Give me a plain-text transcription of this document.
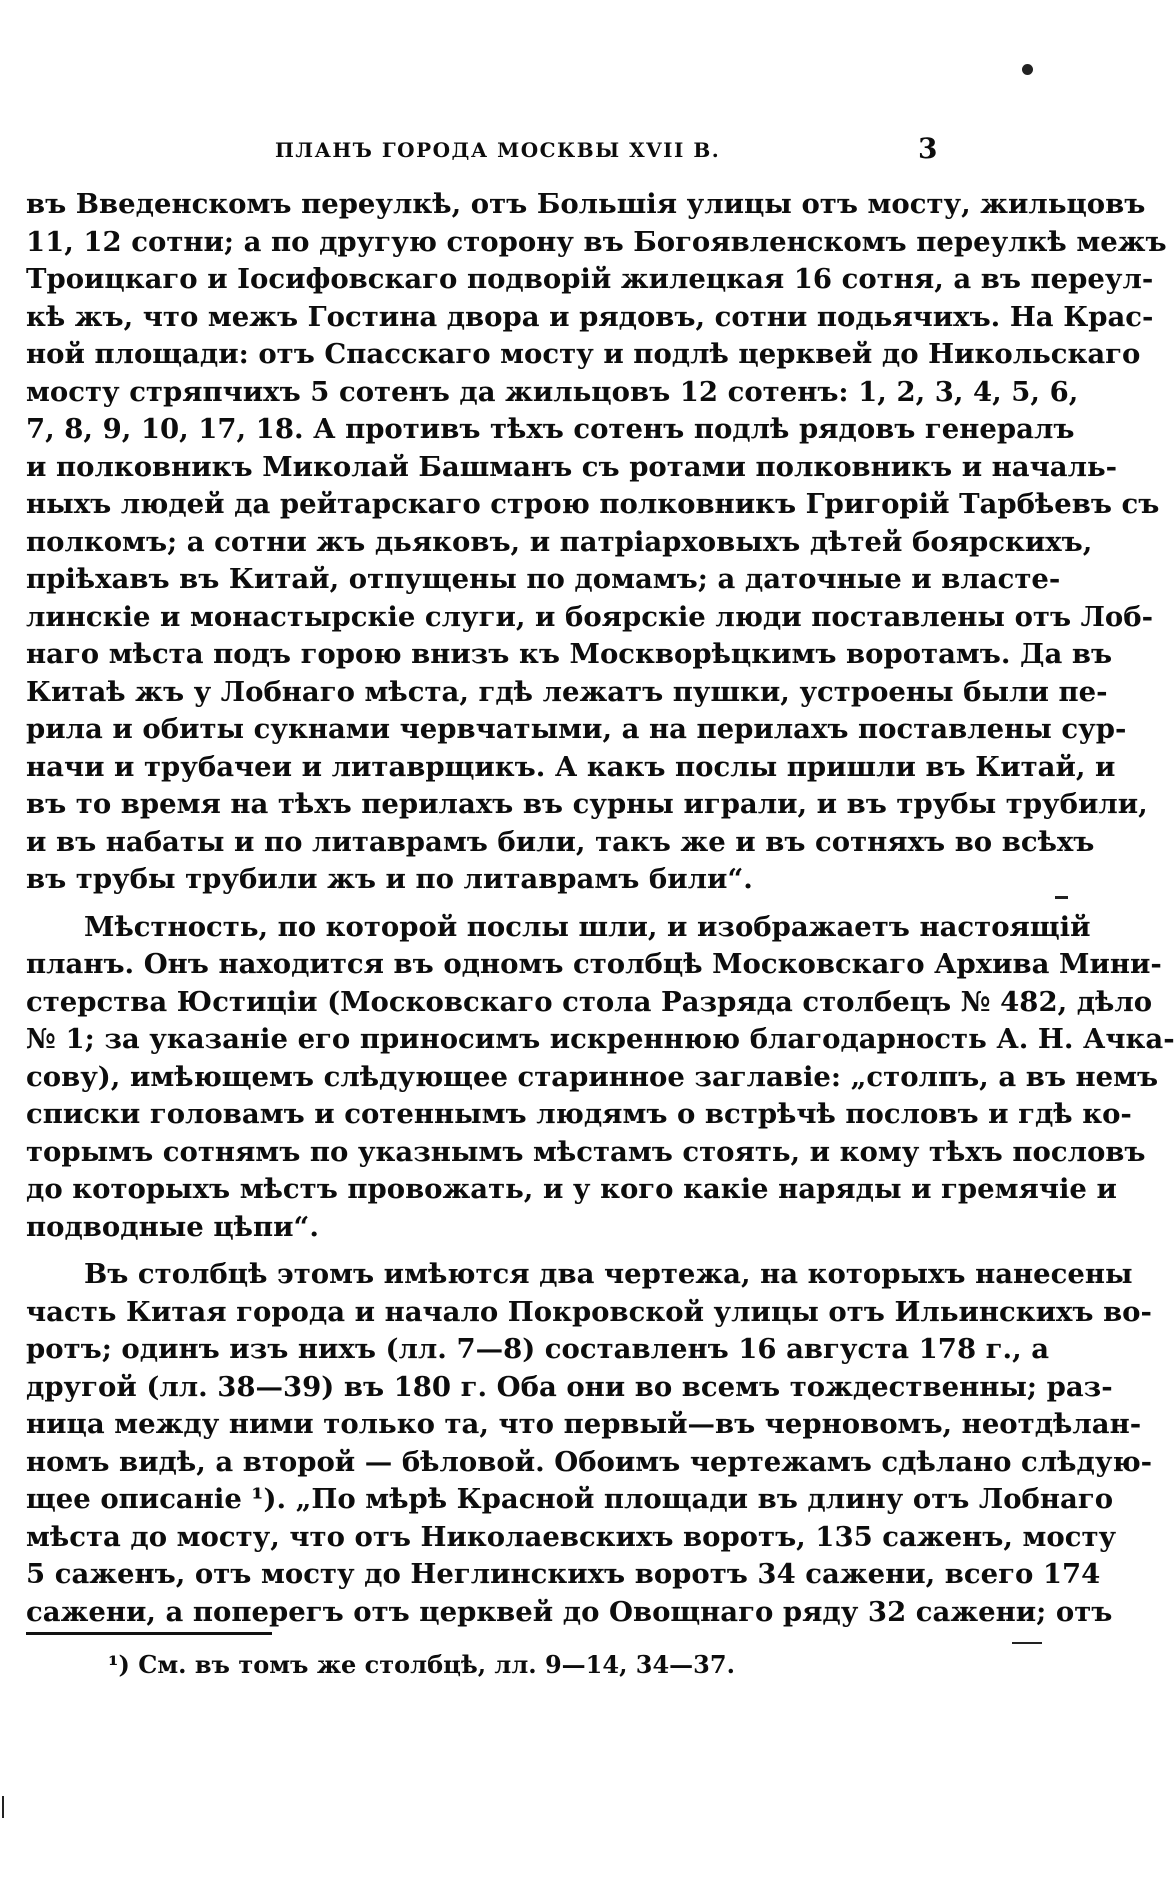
ПЛАНЪ ГОРОДА МОСКВЫ XVII В.	3
въ Введенскомъ переулкѣ, отъ Большія улицы отъ мосту, жильцовъ
11, 12 сотни; а по другую сторону въ Богоявленскомъ переулкѣ межъ
Троицкаго и Іосифовскаго подворій жилецкая 16 сотня, а въ переул-
кѣ жъ, что межъ Гостина двора и рядовъ, сотни подьячихъ. На Крас-
ной площади: отъ Спасскаго мосту и подлѣ церквей до Никольскаго
мосту стряпчихъ 5 сотенъ да жильцовъ 12 сотенъ: 1, 2, 3, 4, 5, 6,
7, 8, 9, 10, 17, 18. А противъ тѣхъ сотенъ подлѣ рядовъ генералъ
и полковникъ Миколай Башманъ съ ротами полковникъ и началь-
ныхъ людей да рейтарскаго строю полковникъ Григорій Тарбѣевъ съ
полкомъ; а сотни жъ дьяковъ, и патріарховыхъ дѣтей боярскихъ,
пріѣхавъ въ Китай, отпущены по домамъ; а даточные и власте-
линскіе и монастырскіе слуги, и боярскіе люди поставлены отъ Лоб-
наго мѣста подъ горою внизъ къ Москворѣцкимъ воротамъ. Да въ
Китаѣ жъ у Лобнаго мѣста, гдѣ лежатъ пушки, устроены были пе-
рила и обиты сукнами червчатыми, а на перилахъ поставлены сур-
начи и трубачеи и литаврщикъ. А какъ послы пришли въ Китай, и
въ то время на тѣхъ перилахъ въ сурны играли, и въ трубы трубили,
и въ набаты и по литаврамъ били, такъ же и въ сотняхъ во всѣхъ
въ трубы трубили жъ и по литаврамъ били“.
Мѣстность, по которой послы шли, и изображаетъ настоящій
планъ. Онъ находится въ одномъ столбцѣ Московскаго Архива Мини-
стерства Юстиціи (Московскаго стола Разряда столбецъ № 482, дѣло
№ 1; за указаніе его приносимъ искреннюю благодарность А. Н. Ачка-
сову), имѣющемъ слѣдующее старинное заглавіе: „столпъ, а въ немъ
списки головамъ и сотеннымъ людямъ о встрѣчѣ пословъ и гдѣ ко-
торымъ сотнямъ по указнымъ мѣстамъ стоять, и кому тѣхъ пословъ
до которыхъ мѣстъ провожать, и у кого какіе наряды и гремячіе и
подводные цѣпи“.
Въ столбцѣ этомъ имѣются два чертежа, на которыхъ нанесены
часть Китая города и начало Покровской улицы отъ Ильинскихъ во-
ротъ; одинъ изъ нихъ (лл. 7—8) составленъ 16 августа 178 г., а
другой (лл. 38—39) въ 180 г. Оба они во всемъ тождественны; раз-
ница между ними только та, что первый—въ черновомъ, неотдѣлан-
номъ видѣ, а второй — бѣловой. Обоимъ чертежамъ сдѣлано слѣдую-
щее описаніе ¹). „По мѣрѣ Красной площади въ длину отъ Лобнаго
мѣста до мосту, что отъ Николаевскихъ воротъ, 135 саженъ, мосту
5 саженъ, отъ мосту до Неглинскихъ воротъ 34 сажени, всего 174
сажени, а поперегъ отъ церквей до Овощнаго ряду 32 сажени; отъ
¹) См. въ томъ же столбцѣ, лл. 9—14, 34—37.
